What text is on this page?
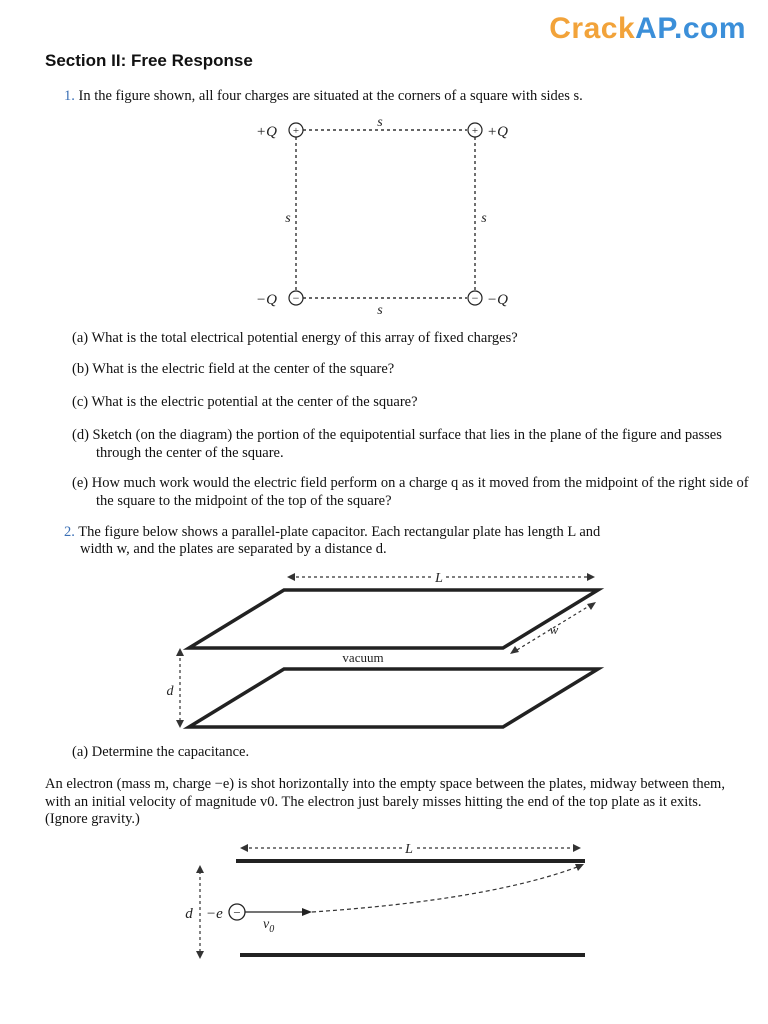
CrackAP.com
Section II: Free Response
1. In the figure shown, all four charges are situated at the corners of a square with sides s.
+	+
−	−
+Q	+Q
−Q	−Q
s
s
s	s
L
w
vacuum
d
L
d −e −
$v_0$
(a) What is the total electrical potential energy of this array of fixed charges?
(b) What is the electric field at the center of the square?
(c) What is the electric potential at the center of the square?
(d) Sketch (on the diagram) the portion of the equipotential surface that lies in the plane of the figure and passes through the center of the square.
(e) How much work would the electric field perform on a charge q as it moved from the midpoint of the right side of the square to the midpoint of the top of the square?
2. The figure below shows a parallel-plate capacitor. Each rectangular plate has length L and
width w, and the plates are separated by a distance d.
(a) Determine the capacitance.
An electron (mass m, charge −e) is shot horizontally into the empty space between the plates, midway between them, with an initial velocity of magnitude v0. The electron just barely misses hitting the end of the top plate as it exits. (Ignore gravity.)
